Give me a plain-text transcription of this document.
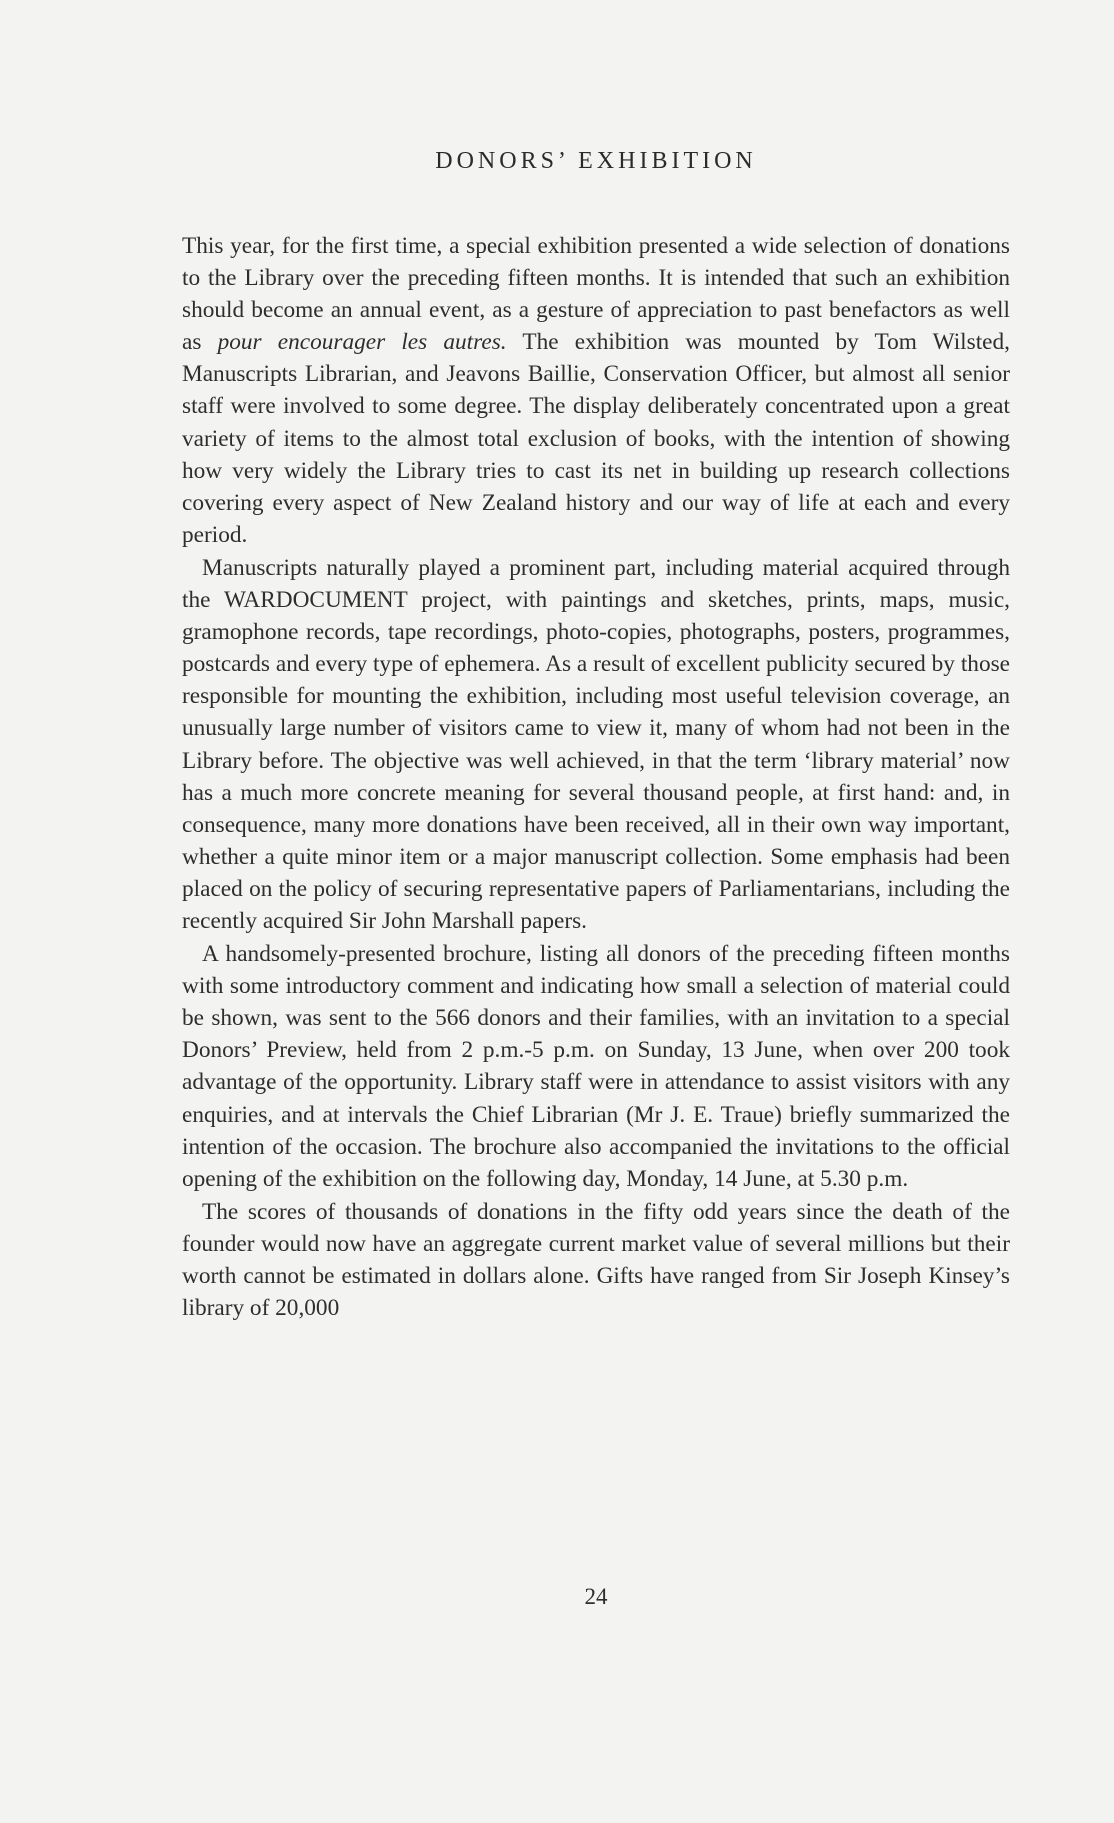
DONORS’ EXHIBITION

This year, for the first time, a special exhibition presented a wide selection of donations to the Library over the preceding fifteen months. It is intended that such an exhibition should become an annual event, as a gesture of appreciation to past benefactors as well as pour encourager les autres. The exhibition was mounted by Tom Wilsted, Manuscripts Librarian, and Jeavons Baillie, Conservation Officer, but almost all senior staff were involved to some degree. The display deliberately concentrated upon a great variety of items to the almost total exclusion of books, with the intention of showing how very widely the Library tries to cast its net in building up research collections covering every aspect of New Zealand history and our way of life at each and every period.

Manuscripts naturally played a prominent part, including material acquired through the WARDOCUMENT project, with paintings and sketches, prints, maps, music, gramophone records, tape recordings, photo-copies, photographs, posters, programmes, postcards and every type of ephemera. As a result of excellent publicity secured by those responsible for mounting the exhibition, including most useful television coverage, an unusually large number of visitors came to view it, many of whom had not been in the Library before. The objective was well achieved, in that the term ‘library material’ now has a much more concrete meaning for several thousand people, at first hand: and, in consequence, many more donations have been received, all in their own way important, whether a quite minor item or a major manuscript collection. Some emphasis had been placed on the policy of securing representative papers of Parliamentarians, including the recently acquired Sir John Marshall papers.

A handsomely-presented brochure, listing all donors of the preceding fifteen months with some introductory comment and indicating how small a selection of material could be shown, was sent to the 566 donors and their families, with an invitation to a special Donors’ Preview, held from 2 p.m.-5 p.m. on Sunday, 13 June, when over 200 took advantage of the opportunity. Library staff were in attendance to assist visitors with any enquiries, and at intervals the Chief Librarian (Mr J. E. Traue) briefly summarized the intention of the occasion. The brochure also accompanied the invitations to the official opening of the exhibition on the following day, Monday, 14 June, at 5.30 p.m.

The scores of thousands of donations in the fifty odd years since the death of the founder would now have an aggregate current market value of several millions but their worth cannot be estimated in dollars alone. Gifts have ranged from Sir Joseph Kinsey’s library of 20,000

24
